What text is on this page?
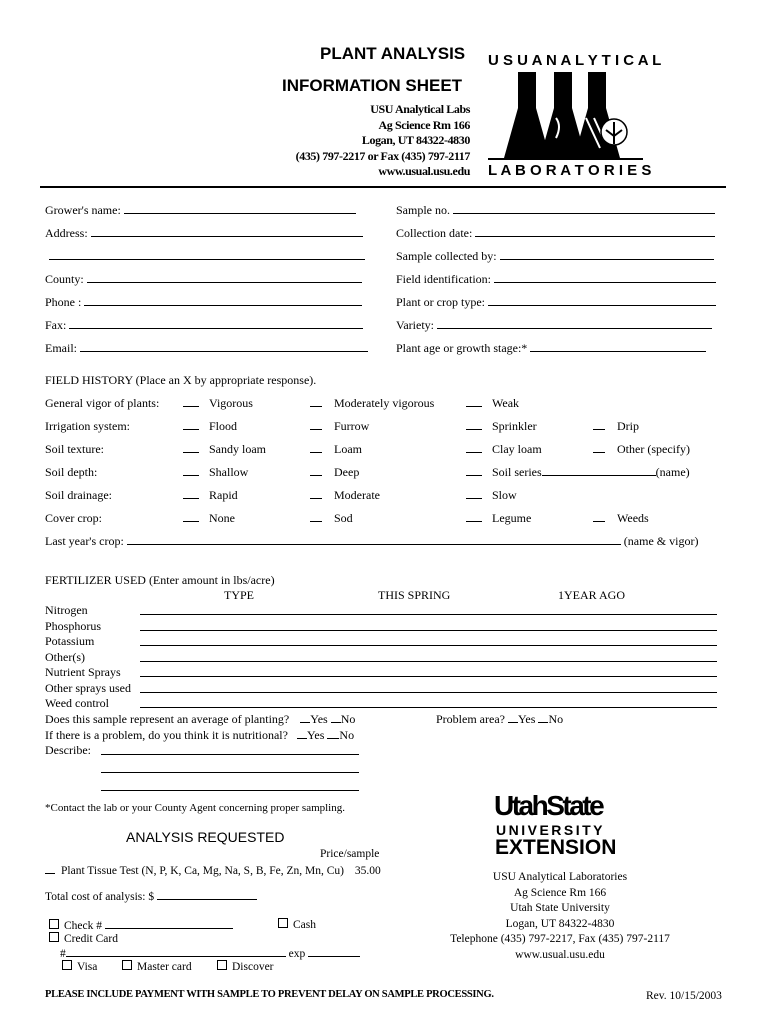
PLANT ANALYSIS
INFORMATION SHEET
USU Analytical Labs
Ag Science Rm 166
Logan, UT 84322-4830
(435) 797-2217 or Fax (435) 797-2117
www.usual.usu.edu
U S U A N A L Y T I C A L
L A B O R A T O R I E S
Grower's name:
Address:
County:
Phone :
Fax:
Email:
Sample no.
Collection date:
Sample collected by:
Field identification:
Plant or crop type:
Variety:
Plant age or growth stage:*
FIELD HISTORY (Place an X by appropriate response).
General vigor of plants:	Vigorous	Moderately vigorous	Weak
Irrigation system:	Flood	Furrow	Sprinkler	Drip
Soil texture:	Sandy loam	Loam	Clay loam	Other (specify)
Soil depth:	Shallow	Deep	Soil series	(name)
Soil drainage:	Rapid	Moderate	Slow
Cover crop:	None	Sod	Legume	Weeds
Last year's crop:	(name & vigor)
FERTILIZER USED (Enter amount in lbs/acre)
TYPE	THIS SPRING	1YEAR AGO
Nitrogen
Phosphorus
Potassium
Other(s)
Nutrient Sprays
Other sprays used
Weed control
Does this sample represent an average of planting? Yes No	Problem area? Yes No
If there is a problem, do you think it is nutritional? Yes No
Describe:
*Contact the lab or your County Agent concerning proper sampling.
ANALYSIS REQUESTED
Price/sample
Plant Tissue Test (N, P, K, Ca, Mg, Na, S, B, Fe, Zn, Mn, Cu) 35.00
Total cost of analysis: $
Check #	Cash
Credit Card
#	exp
Visa	Master card	Discover
UtahState
UNIVERSITY
EXTENSION
USU Analytical Laboratories
Ag Science Rm 166
Utah State University
Logan, UT 84322-4830
Telephone (435) 797-2217, Fax (435) 797-2117
www.usual.usu.edu
PLEASE INCLUDE PAYMENT WITH SAMPLE TO PREVENT DELAY ON SAMPLE PROCESSING.	Rev. 10/15/2003
